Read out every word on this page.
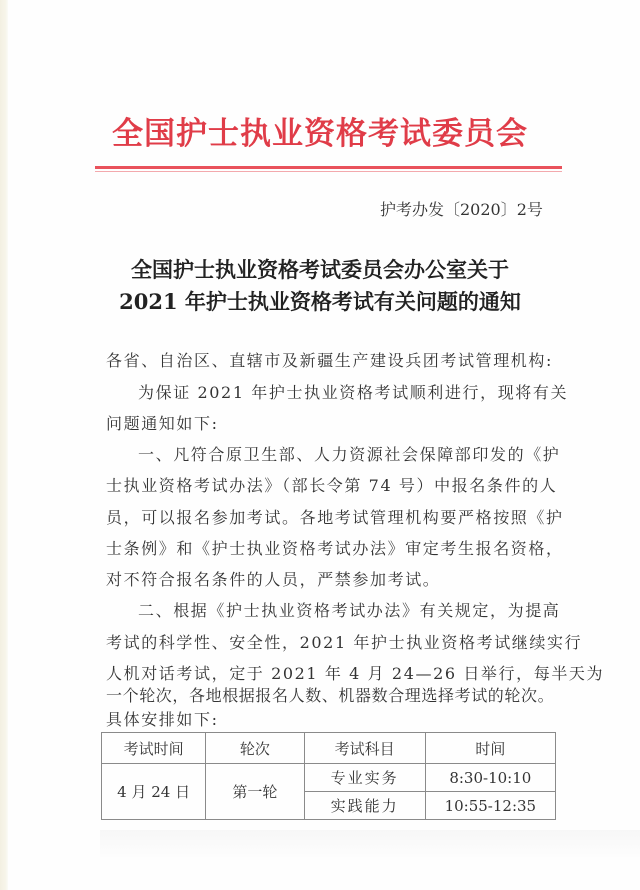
全国护士执业资格考试委员会
护考办发〔2020〕2号
全国护士执业资格考试委员会办公室关于
2021 年护士执业资格考试有关问题的通知
各省、自治区、直辖市及新疆生产建设兵团考试管理机构:
为保证 2021 年护士执业资格考试顺利进行，现将有关
问题通知如下:
一、凡符合原卫生部、人力资源社会保障部印发的《护
士执业资格考试办法》（部长令第 74 号）中报名条件的人
员，可以报名参加考试。各地考试管理机构要严格按照《护
士条例》和《护士执业资格考试办法》审定考生报名资格，
对不符合报名条件的人员，严禁参加考试。
二、根据《护士执业资格考试办法》有关规定，为提高
考试的科学性、安全性，2021 年护士执业资格考试继续实行
人机对话考试，定于 2021 年 4 月 24—26 日举行，每半天为
一个轮次，各地根据报名人数、机器数合理选择考试的轮次。
具体安排如下:
考试时间	轮次	考试科目	时间
4 月 24 日	第一轮	专业实务	8:30-10:10
		实践能力	10:55-12:35
